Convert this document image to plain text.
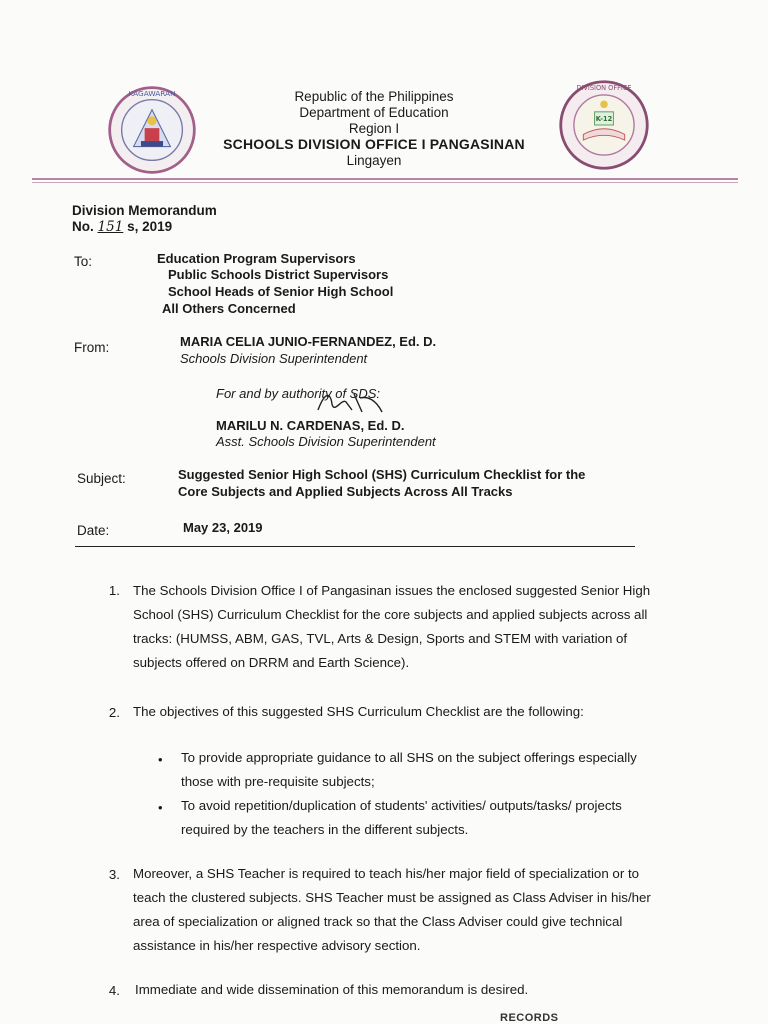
KAGAWARAN
K-12
DIVISION OFFICE
Republic of the Philippines
Department of Education
Region I
SCHOOLS DIVISION OFFICE I PANGASINAN
Lingayen
Division Memorandum
No. 151 s, 2019
To:	Education Program Supervisors
Public Schools District Supervisors
School Heads of Senior High School
All Others Concerned
From:	MARIA CELIA JUNIO-FERNANDEZ, Ed. D.
Schools Division Superintendent
For and by authority of SDS:
MARILU N. CARDENAS, Ed. D.
Asst. Schools Division Superintendent
Subject:	Suggested Senior High School (SHS) Curriculum Checklist for the
Core Subjects and Applied Subjects Across All Tracks
Date:	May 23, 2019
1. The Schools Division Office I of Pangasinan issues the enclosed suggested Senior High
School (SHS) Curriculum Checklist for the core subjects and applied subjects across all
tracks: (HUMSS, ABM, GAS, TVL, Arts & Design, Sports and STEM with variation of
subjects offered on DRRM and Earth Science).
2. The objectives of this suggested SHS Curriculum Checklist are the following:
• To provide appropriate guidance to all SHS on the subject offerings especially
those with pre-requisite subjects;
• To avoid repetition/duplication of students' activities/ outputs/tasks/ projects
required by the teachers in the different subjects.
3. Moreover, a SHS Teacher is required to teach his/her major field of specialization or to
teach the clustered subjects. SHS Teacher must be assigned as Class Adviser in his/her
area of specialization or aligned track so that the Class Adviser could give technical
assistance in his/her respective advisory section.
4. Immediate and wide dissemination of this memorandum is desired.
RECORDS
